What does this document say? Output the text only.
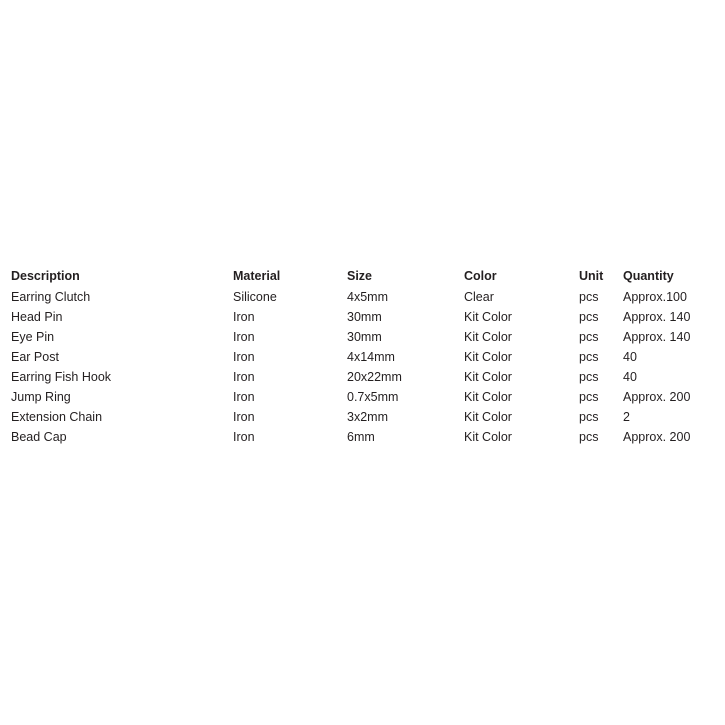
Description	Material	Size	Color	Unit	Quantity
Earring Clutch	Silicone	4x5mm	Clear	pcs	Approx.100
Head Pin	Iron	30mm	Kit Color	pcs	Approx. 140
Eye Pin	Iron	30mm	Kit Color	pcs	Approx. 140
Ear Post	Iron	4x14mm	Kit Color	pcs	40
Earring Fish Hook	Iron	20x22mm	Kit Color	pcs	40
Jump Ring	Iron	0.7x5mm	Kit Color	pcs	Approx. 200
Extension Chain	Iron	3x2mm	Kit Color	pcs	2
Bead Cap	Iron	6mm	Kit Color	pcs	Approx. 200
